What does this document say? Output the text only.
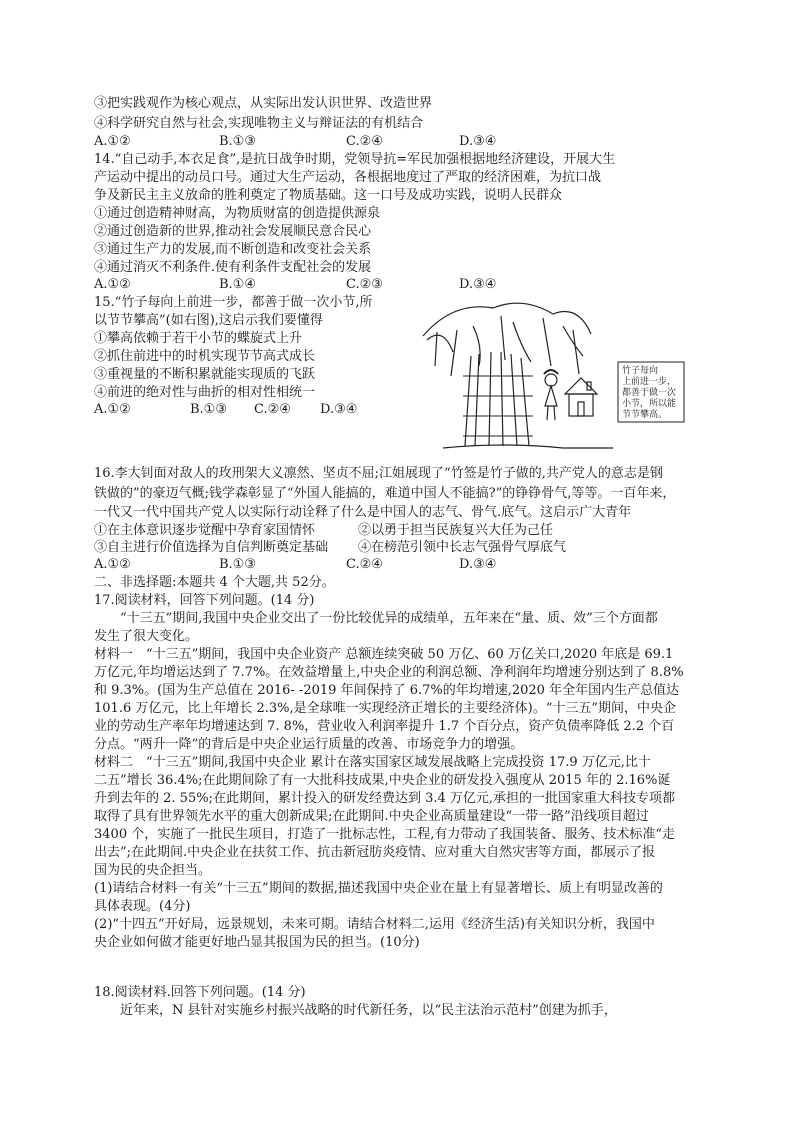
③把实践观作为核心观点，从实际出发认识世界、改造世界
④科学研究自然与社会,实现唯物主义与辩证法的有机结合
A.①②	B.①③	C.②④	D.③④
14.“自己动手,本衣足食”,是抗日战争时期，党领导抗=军民加强根据地经济建设，开展大生
产运动中提出的动员口号。通过大生产运动，各根据地度过了严取的经济困难，为抗口战
争及新民主主义放命的胜利奠定了物质基础。这一口号及成功实践，说明人民群众
①通过创造精神财高，为物质财富的创造提供源泉
②通过创造新的世界,推动社会发展顺民意合民心
③通过生产力的发展,而不断创造和改变社会关系
④通过消灭不利条件.使有利条件支配社会的发展
A.①②	B.①④	C.②③	D.③④
15.“竹子每向上前进一步，都善于做一次小节,所
以节节攀高”(如右图),这启示我们要懂得
①攀高依赖于若干小节的蝶旋式上升
②抓住前进中的时机实现节节高式成长
③重视量的不断积累就能实现质的飞跃
④前进的绝对性与曲折的相对性相统一
A.①②	B.①③ C.②④ D.③④
竹子每向
上前进一步，
都善于做一次
小节，所以能
节节攀高。
16.李大钊面对敌人的玫刑架大义凛然、坚贞不屈;江姐展现了“竹签是竹子做的,共产党人的意志是钢
铁做的”的豪迈气概;钱学森彰显了“外国人能搞的，难道中国人不能搞?”的铮铮骨气,等等。一百年来，
一代又一代中国共产党人以实际行动诠释了什么是中国人的志气、骨气.底气。这启示广大青年
①在主体意识逐步觉醒中孕育家国情怀	②以勇于担当民族复兴大任为己任
③自主进行价值选择为自信判断奠定基础 ④在榜范引领中长志气强骨气厚底气
A.①②	B.①③	C.②④	D.③④
二、非选择题:本题共 4 个大题,共 52分。
17.阅读材料，回答下列问题。(14 分)
“十三五”期间,我国中央企业交出了一份比较优异的成绩单，五年来在“量、质、效”三个方面都
发生了很大变化。
材料一　“十三五”期间，我国中央企业资产 总额连续突破 50 万亿、60 万亿关口,2020 年底是 69.1
万亿元,年均增运达到了 7.7%。在效益增量上,中央企业的利润总额、净利润年均增速分别达到了 8.8%
和 9.3%。(国为生产总值在 2016- -2019 年间保持了 6.7%的年均增速,2020 年全年国内生产总值达
101.6 万亿元，比上年增长 2.3%,是全球唯一实现经济正增长的主要经济体)。“十三五”期间，中央企
业的劳动生产率年均增速达到 7. 8%，营业收入利润率提升 1.7 个百分点，资产负债率降低 2.2 个百
分点。“两升一降”的背后是中央企业运行质量的改善、市场竞争力的增强。
材料二　“十三五”期间,我国中央企业 累计在落实国家区域发展战略上完成投资 17.9 万亿元,比十
二五”增长 36.4%;在此期间除了有一大批科技成果,中央企业的研发投入强度从 2015 年的 2.16%诞
升到去年的 2. 55%;在此期间，累计投入的研发经费达到 3.4 万亿元,承担的一批国家重大科技专项都
取得了具有世界领先水平的重大创新成果;在此期间.中央企业高质量建设“一带一路”沿线项目超过
3400 个，实施了一批民生项目，打造了一批标志性，工程,有力带动了我国装备、服务、技术标准“走
出去”;在此期间.中央企业在扶贫工作、抗击新冠肪炎疫情、应对重大自然灾害等方面，都展示了报
国为民的央企担当。
(1)请结合材料一有关“十三五”期间的数据,描述我国中央企业在量上有显著增长、质上有明显改善的
具体表现。(4分)
(2)“十四五”开好局，远景规划，未来可期。请结合材料二,运用《经济生活)有关知识分析，我国中
央企业如何做才能更好地凸显其报国为民的担当。(10分)
18.阅读材料.回答下列问题。(14 分)
近年来，N 县针对实施乡村振兴战略的时代新任务，以“民主法治示范村”创建为抓手，
